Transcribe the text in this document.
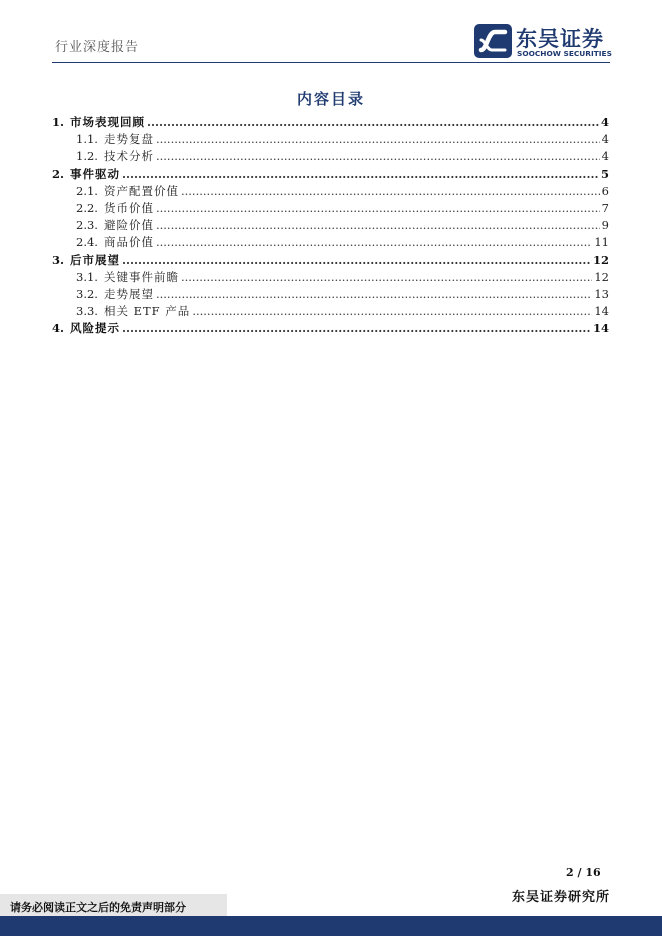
行业深度报告	东吴证券
SOOCHOW SECURITIES
内容目录
1. 市场表现回顾 .....	4
1.1. 走势复盘 .....	4
1.2. 技术分析 .....	4
2. 事件驱动 .....	5
2.1. 资产配置价值 .....	6
2.2. 货币价值 .....	7
2.3. 避险价值 .....	9
2.4. 商品价值 .....	11
3. 后市展望 .....	12
3.1. 关键事件前瞻 .....	12
3.2. 走势展望 .....	13
3.3. 相关 ETF 产品 .....	14
4. 风险提示 .....	14
2 / 16
东吴证券研究所
请务必阅读正文之后的免责声明部分
